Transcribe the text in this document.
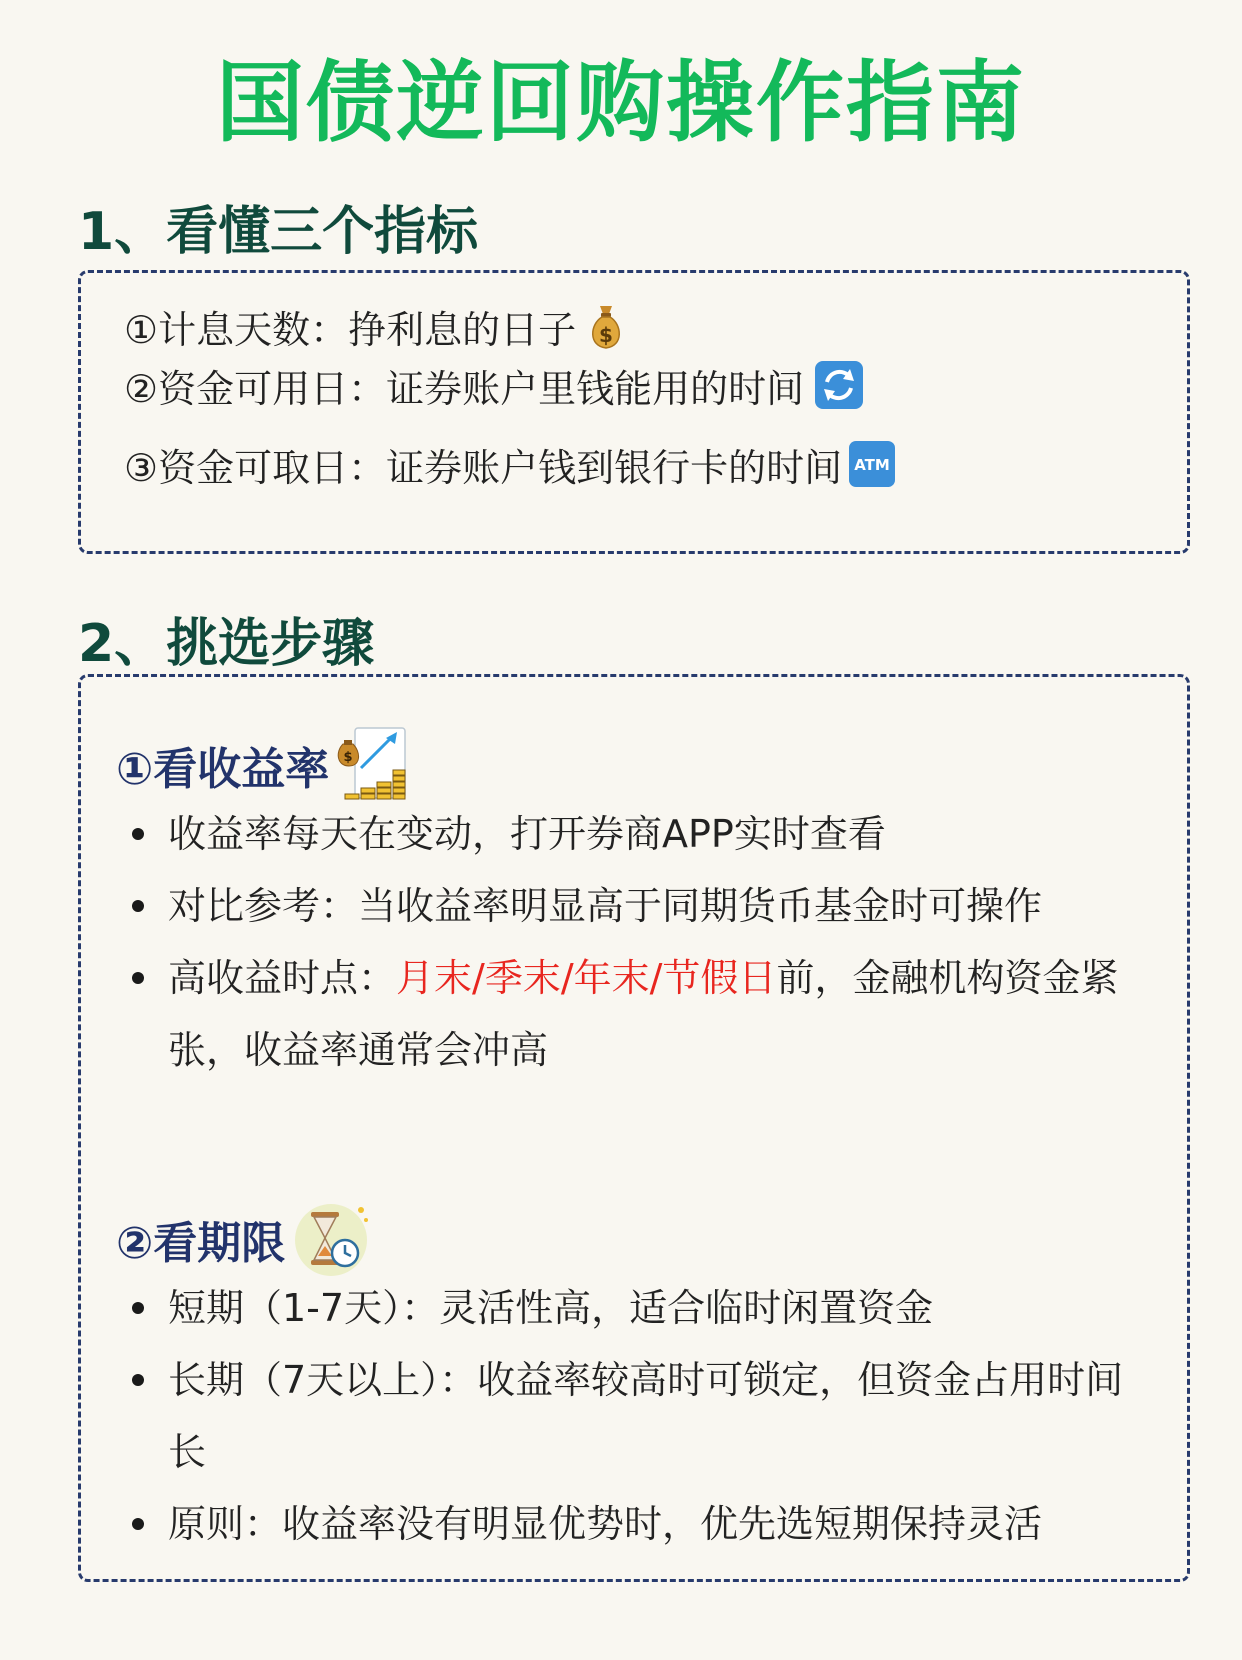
国债逆回购操作指南
1、看懂三个指标
①计息天数：挣利息的日子 $
②资金可用日：证券账户里钱能用的时间
③资金可取日：证券账户钱到银行卡的时间 ATM
2、挑选步骤
①看收益率 $
收益率每天在变动，打开券商APP实时查看
对比参考：当收益率明显高于同期货币基金时可操作
高收益时点：月末/季末/年末/节假日前，金融机构资金紧张，收益率通常会冲高
②看期限
短期（1-7天）：灵活性高，适合临时闲置资金
长期（7天以上）：收益率较高时可锁定，但资金占用时间长
原则：收益率没有明显优势时，优先选短期保持灵活
